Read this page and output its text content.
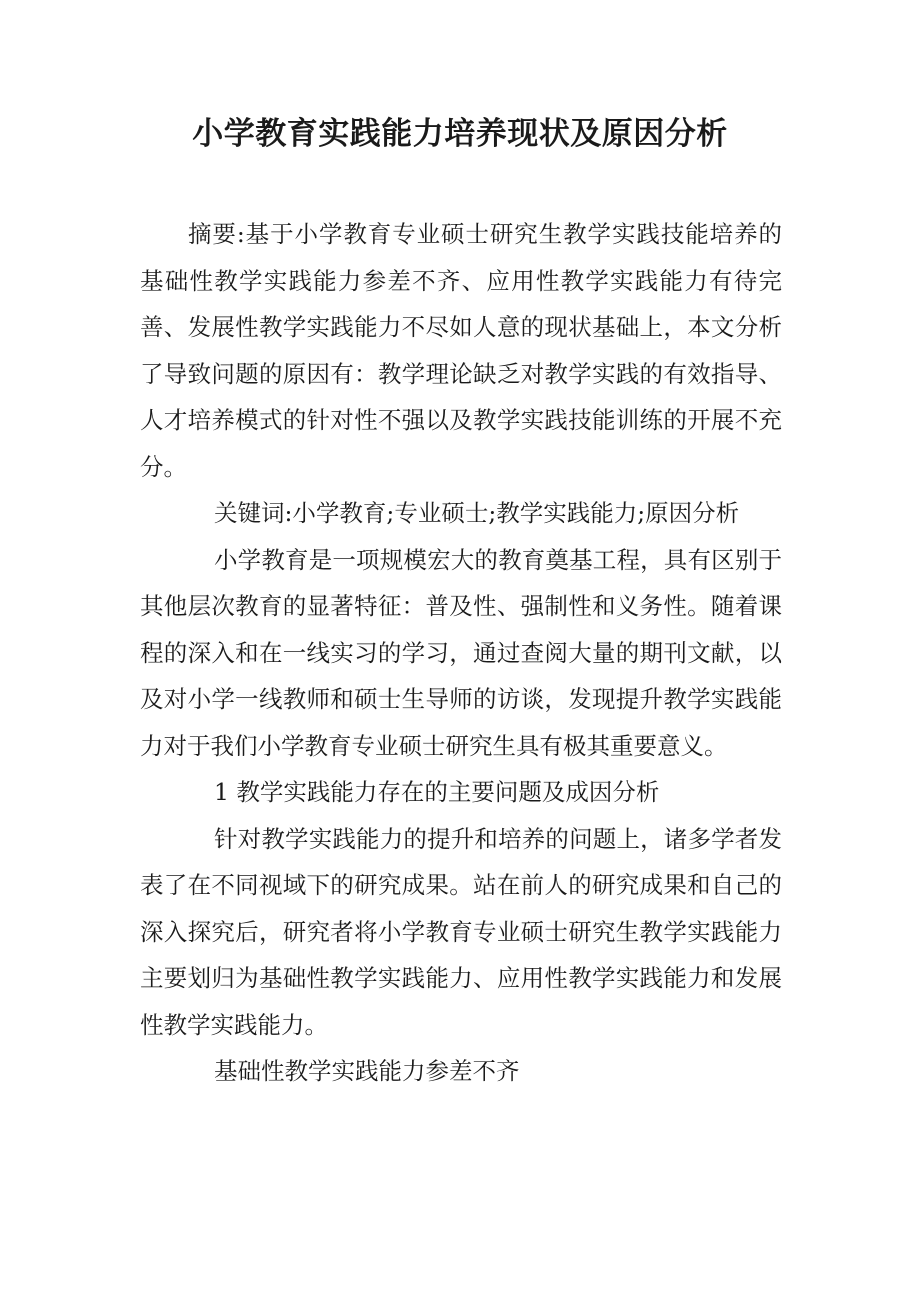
小学教育实践能力培养现状及原因分析

摘要:基于小学教育专业硕士研究生教学实践技能培养的基础性教学实践能力参差不齐、应用性教学实践能力有待完善、发展性教学实践能力不尽如人意的现状基础上，本文分析了导致问题的原因有：教学理论缺乏对教学实践的有效指导、人才培养模式的针对性不强以及教学实践技能训练的开展不充分。

关键词:小学教育;专业硕士;教学实践能力;原因分析

小学教育是一项规模宏大的教育奠基工程，具有区别于其他层次教育的显著特征：普及性、强制性和义务性。随着课程的深入和在一线实习的学习，通过查阅大量的期刊文献，以及对小学一线教师和硕士生导师的访谈，发现提升教学实践能力对于我们小学教育专业硕士研究生具有极其重要意义。

1 教学实践能力存在的主要问题及成因分析

针对教学实践能力的提升和培养的问题上，诸多学者发表了在不同视域下的研究成果。站在前人的研究成果和自己的深入探究后，研究者将小学教育专业硕士研究生教学实践能力主要划归为基础性教学实践能力、应用性教学实践能力和发展性教学实践能力。

基础性教学实践能力参差不齐
